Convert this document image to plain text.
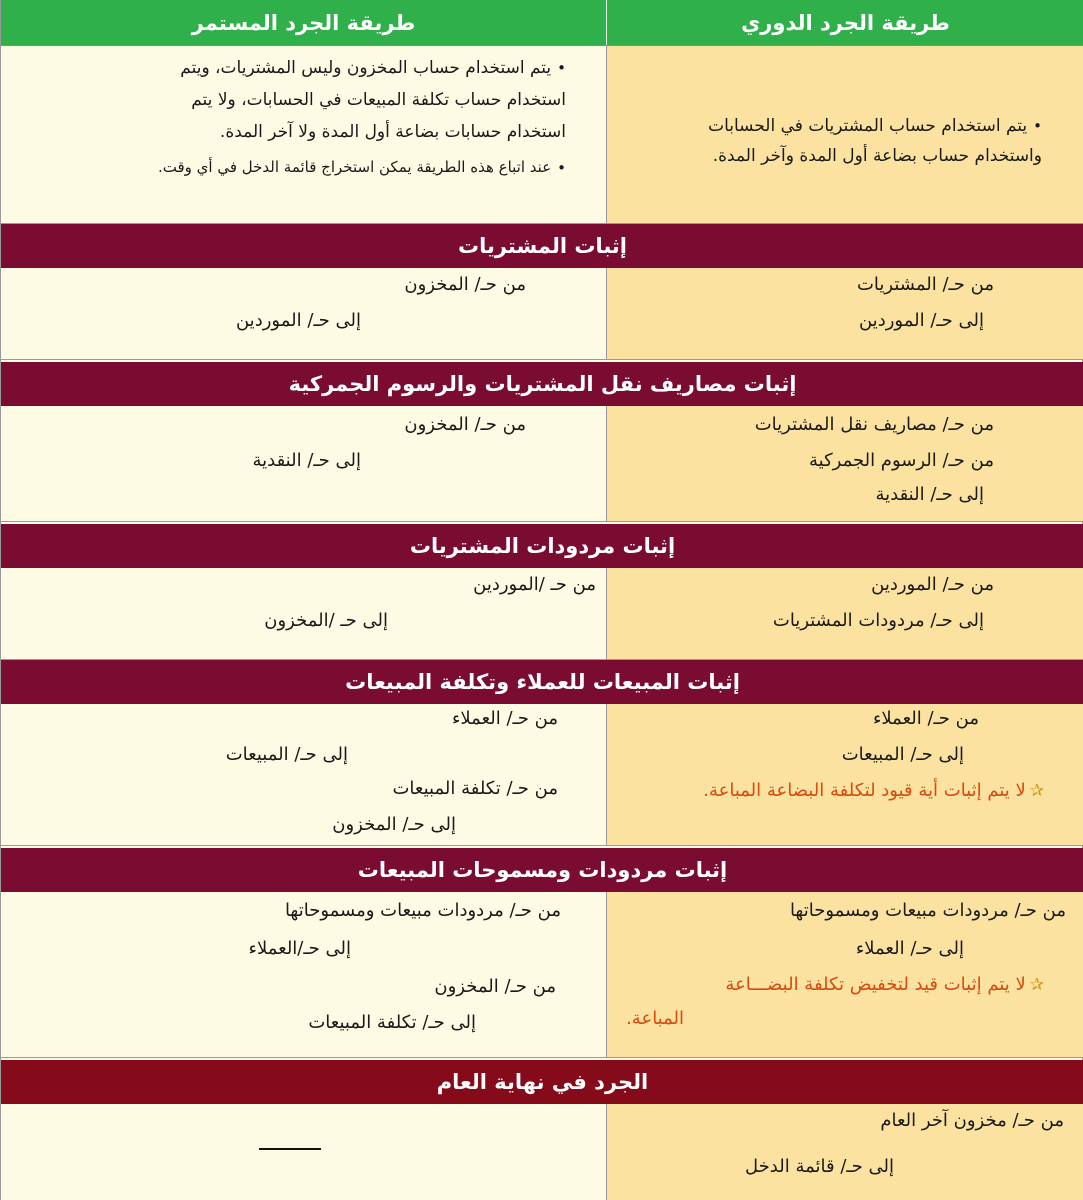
طريقة الجرد الدوري
طريقة الجرد المستمر
•يتم استخدام حساب المشتريات في الحسابات
واستخدام حساب بضاعة أول المدة وآخر المدة.
•يتم استخدام حساب المخزون وليس المشتريات، ويتم
استخدام حساب تكلفة المبيعات في الحسابات، ولا يتم
استخدام حسابات بضاعة أول المدة ولا آخر المدة.
•عند اتباع هذه الطريقة يمكن استخراج قائمة الدخل في أي وقت.
إثبات المشتريات
من حـ/ المشتريات
إلى حـ/ الموردين
من حـ/ المخزون
إلى حـ/ الموردين
إثبات مصاريف نقل المشتريات والرسوم الجمركية
من حـ/ مصاريف نقل المشتريات
من حـ/ الرسوم الجمركية
إلى حـ/ النقدية
من حـ/ المخزون
إلى حـ/ النقدية
إثبات مردودات المشتريات
من حـ/ الموردين
إلى حـ/ مردودات المشتريات
من حـ /الموردين
إلى حـ /المخزون
إثبات المبيعات للعملاء وتكلفة المبيعات
من حـ/ العملاء
إلى حـ/ المبيعات
✰لا يتم إثبات أية قيود لتكلفة البضاعة المباعة.
من حـ/ العملاء
إلى حـ/ المبيعات
من حـ/ تكلفة المبيعات
إلى حـ/ المخزون
إثبات مردودات ومسموحات المبيعات
من حـ/ مردودات مبيعات ومسموحاتها
إلى حـ/ العملاء
✰لا يتم إثبات قيد لتخفيض تكلفة البضـــاعة
المباعة.
من حـ/ مردودات مبيعات ومسموحاتها
إلى حـ/العملاء
من حـ/ المخزون
إلى حـ/ تكلفة المبيعات
الجرد في نهاية العام
من حـ/ مخزون آخر العام
إلى حـ/ قائمة الدخل
